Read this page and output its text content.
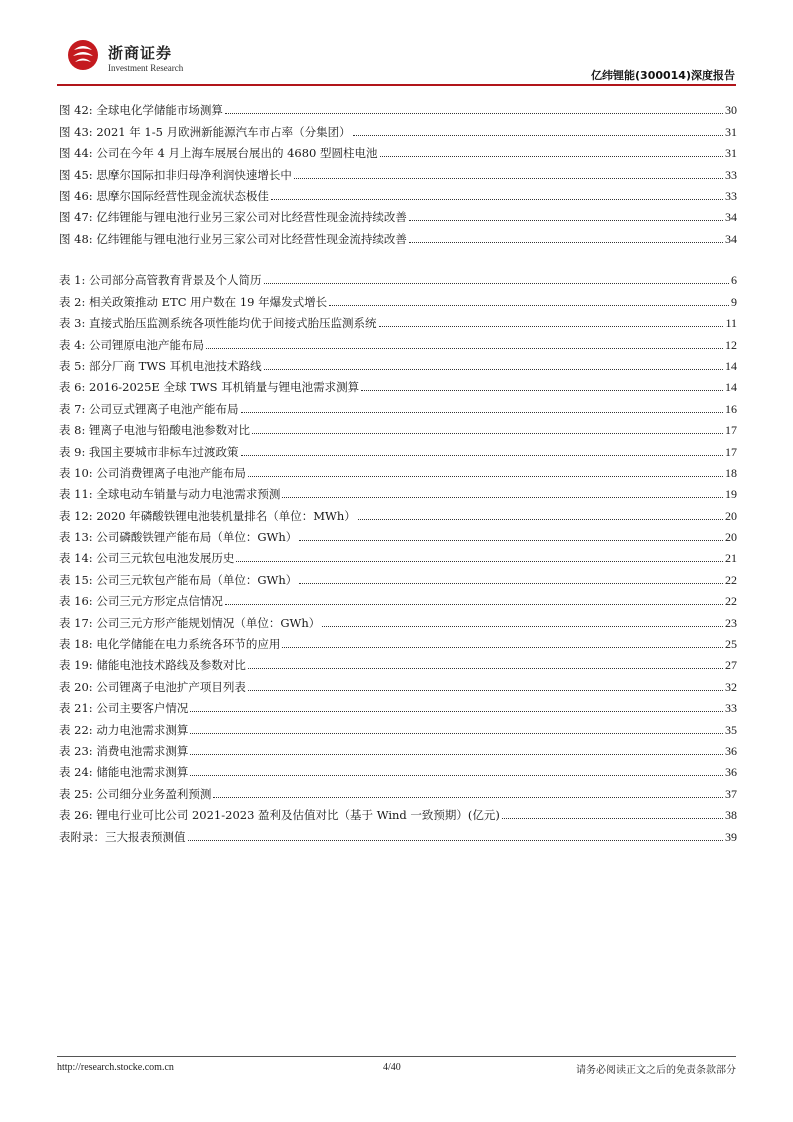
浙商证券
Investment Research
亿纬锂能(300014)深度报告
图 42: 全球电化学储能市场测算	30
图 43: 2021 年 1-5 月欧洲新能源汽车市占率（分集团）	31
图 44: 公司在今年 4 月上海车展展台展出的 4680 型圆柱电池	31
图 45: 思摩尔国际扣非归母净利润快速增长中	33
图 46: 思摩尔国际经营性现金流状态极佳	33
图 47: 亿纬锂能与锂电池行业另三家公司对比经营性现金流持续改善	34
图 48: 亿纬锂能与锂电池行业另三家公司对比经营性现金流持续改善	34
表 1: 公司部分高管教育背景及个人简历	6
表 2: 相关政策推动 ETC 用户数在 19 年爆发式增长	9
表 3: 直接式胎压监测系统各项性能均优于间接式胎压监测系统	11
表 4: 公司锂原电池产能布局	12
表 5: 部分厂商 TWS 耳机电池技术路线	14
表 6: 2016-2025E 全球 TWS 耳机销量与锂电池需求测算	14
表 7: 公司豆式锂离子电池产能布局	16
表 8: 锂离子电池与铅酸电池参数对比	17
表 9: 我国主要城市非标车过渡政策	17
表 10: 公司消费锂离子电池产能布局	18
表 11: 全球电动车销量与动力电池需求预测	19
表 12: 2020 年磷酸铁锂电池装机量排名（单位：MWh）	20
表 13: 公司磷酸铁锂产能布局（单位：GWh）	20
表 14: 公司三元软包电池发展历史	21
表 15: 公司三元软包产能布局（单位：GWh）	22
表 16: 公司三元方形定点信情况	22
表 17: 公司三元方形产能规划情况（单位：GWh）	23
表 18: 电化学储能在电力系统各环节的应用	25
表 19: 储能电池技术路线及参数对比	27
表 20: 公司锂离子电池扩产项目列表	32
表 21: 公司主要客户情况	33
表 22: 动力电池需求测算	35
表 23: 消费电池需求测算	36
表 24: 储能电池需求测算	36
表 25: 公司细分业务盈利预测	37
表 26: 锂电行业可比公司 2021-2023 盈利及估值对比（基于 Wind 一致预期）(亿元)	38
表附录：三大报表预测值	39
http://research.stocke.com.cn	4/40	请务必阅读正文之后的免责条款部分
